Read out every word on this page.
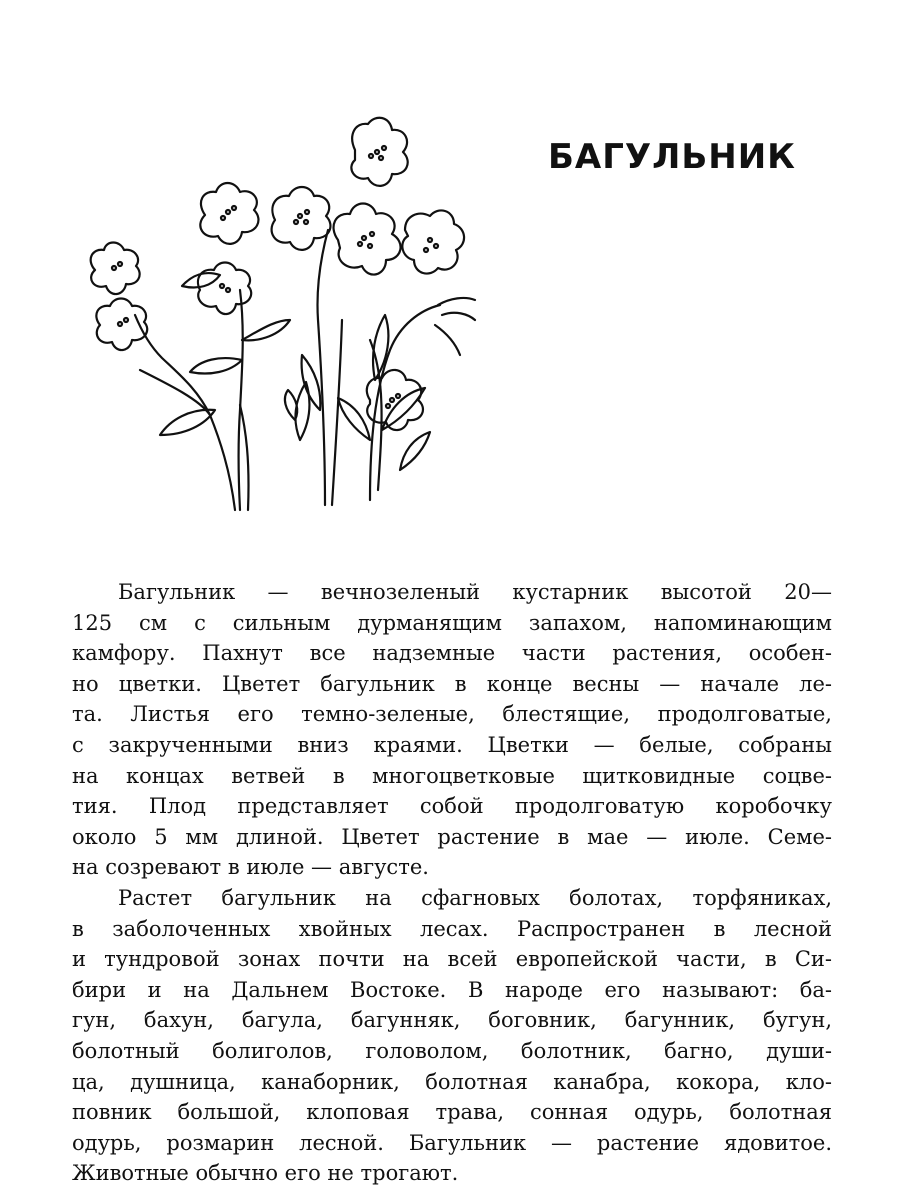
БАГУЛЬНИК
Багульник — вечнозеленый кустарник высотой 20—
125 см с сильным дурманящим запахом, напоминающим
камфору. Пахнут все надземные части растения, особен-
но цветки. Цветет багульник в конце весны — начале ле-
та. Листья его темно-зеленые, блестящие, продолговатые,
с закрученными вниз краями. Цветки — белые, собраны
на концах ветвей в многоцветковые щитковидные соцве-
тия. Плод представляет собой продолговатую коробочку
около 5 мм длиной. Цветет растение в мае — июле. Семе-
на созревают в июле — августе.
Растет багульник на сфагновых болотах, торфяниках,
в заболоченных хвойных лесах. Распространен в лесной
и тундровой зонах почти на всей европейской части, в Си-
бири и на Дальнем Востоке. В народе его называют: ба-
гун, бахун, багула, багунняк, боговник, багунник, бугун,
болотный болиголов, головолом, болотник, багно, души-
ца, душница, канаборник, болотная канабра, кокора, кло-
повник большой, клоповая трава, сонная одурь, болотная
одурь, розмарин лесной. Багульник — растение ядовитое.
Животные обычно его не трогают.
